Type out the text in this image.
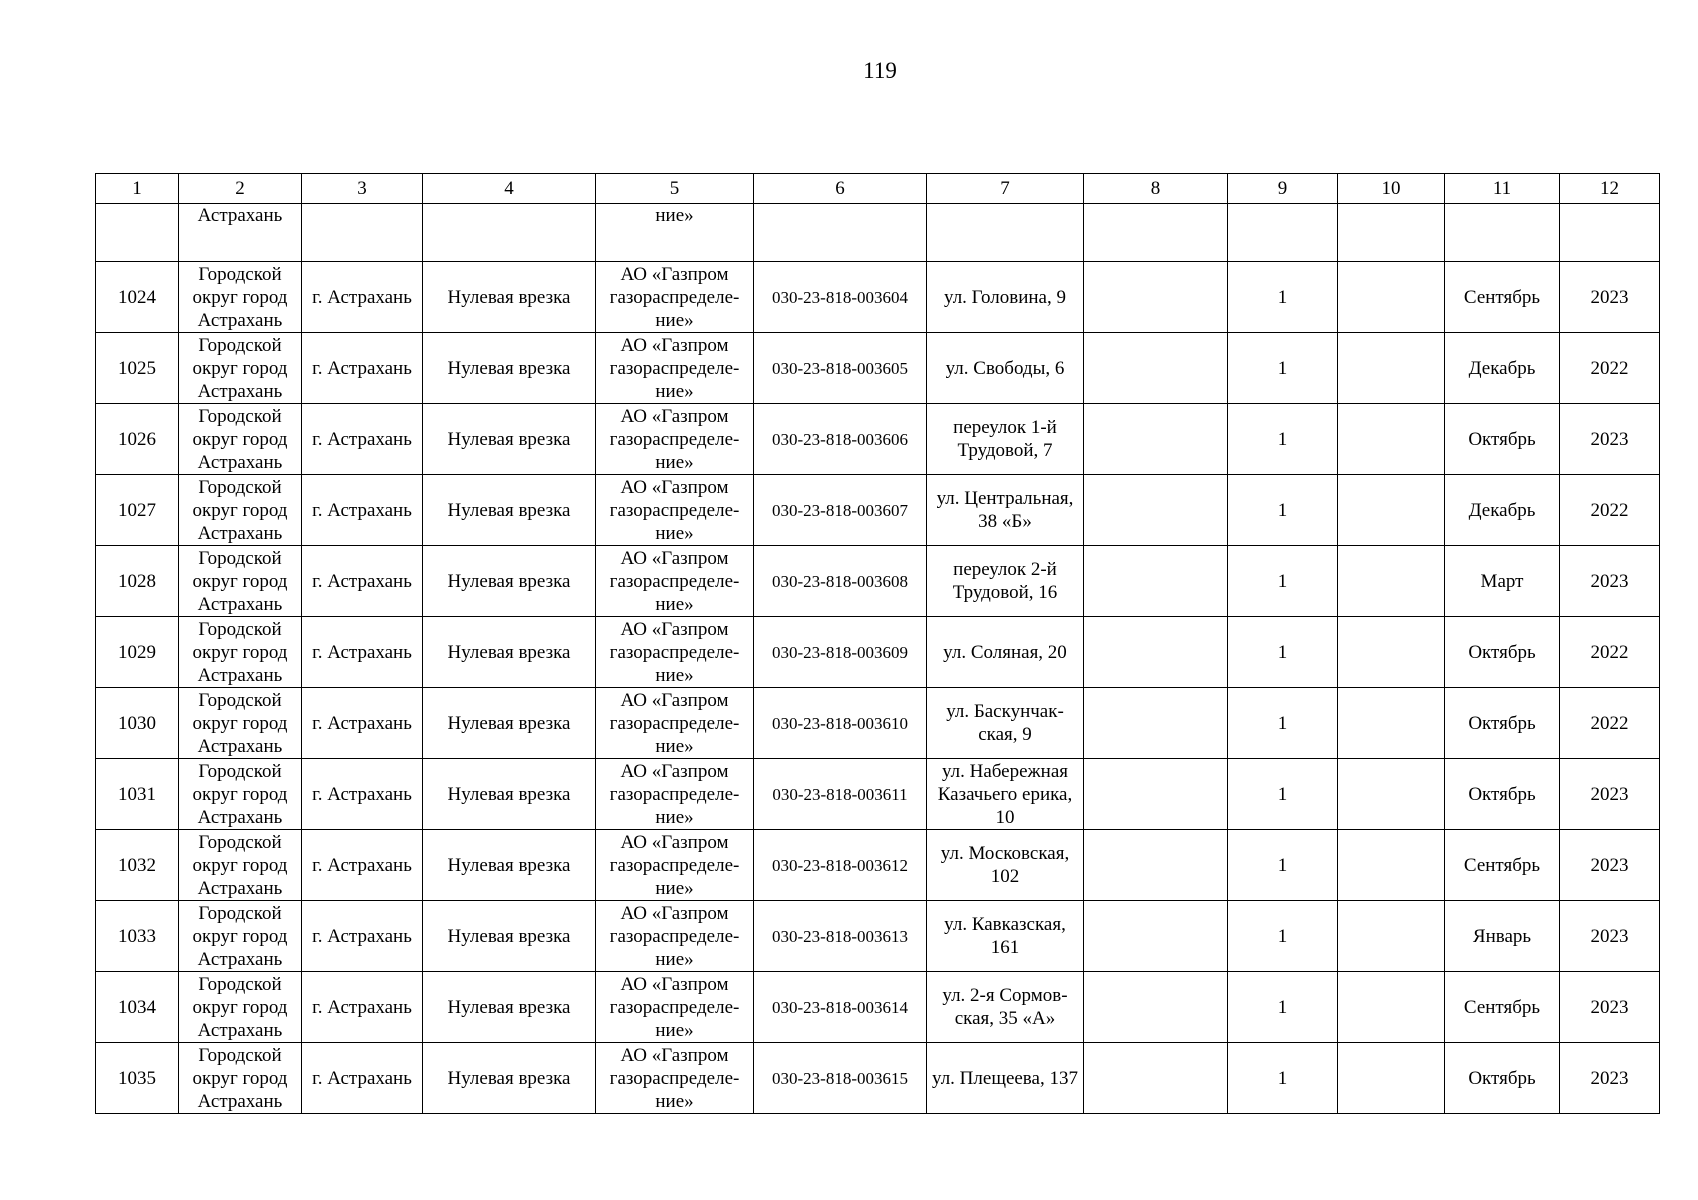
119
1	2	3	4	5	6	7	8	9	10	11	12
	Астрахань			ние»							
1024	Городской округ город Астрахань	г. Астрахань	Нулевая врезка	АО «Газпром газораспределе-ние»	030-23-818-003604	ул. Головина, 9		1		Сентябрь	2023
1025	Городской округ город Астрахань	г. Астрахань	Нулевая врезка	АО «Газпром газораспределе-ние»	030-23-818-003605	ул. Свободы, 6		1		Декабрь	2022
1026	Городской округ город Астрахань	г. Астрахань	Нулевая врезка	АО «Газпром газораспределе-ние»	030-23-818-003606	переулок 1-й Трудовой, 7		1		Октябрь	2023
1027	Городской округ город Астрахань	г. Астрахань	Нулевая врезка	АО «Газпром газораспределе-ние»	030-23-818-003607	ул. Центральная, 38 «Б»		1		Декабрь	2022
1028	Городской округ город Астрахань	г. Астрахань	Нулевая врезка	АО «Газпром газораспределе-ние»	030-23-818-003608	переулок 2-й Трудовой, 16		1		Март	2023
1029	Городской округ город Астрахань	г. Астрахань	Нулевая врезка	АО «Газпром газораспределе-ние»	030-23-818-003609	ул. Соляная, 20		1		Октябрь	2022
1030	Городской округ город Астрахань	г. Астрахань	Нулевая врезка	АО «Газпром газораспределе-ние»	030-23-818-003610	ул. Баскунчак-ская, 9		1		Октябрь	2022
1031	Городской округ город Астрахань	г. Астрахань	Нулевая врезка	АО «Газпром газораспределе-ние»	030-23-818-003611	ул. Набережная Казачьего ерика, 10		1		Октябрь	2023
1032	Городской округ город Астрахань	г. Астрахань	Нулевая врезка	АО «Газпром газораспределе-ние»	030-23-818-003612	ул. Московская, 102		1		Сентябрь	2023
1033	Городской округ город Астрахань	г. Астрахань	Нулевая врезка	АО «Газпром газораспределе-ние»	030-23-818-003613	ул. Кавказская, 161		1		Январь	2023
1034	Городской округ город Астрахань	г. Астрахань	Нулевая врезка	АО «Газпром газораспределе-ние»	030-23-818-003614	ул. 2-я Сормов-ская, 35 «А»		1		Сентябрь	2023
1035	Городской округ город Астрахань	г. Астрахань	Нулевая врезка	АО «Газпром газораспределе-ние»	030-23-818-003615	ул. Плещеева, 137		1		Октябрь	2023
